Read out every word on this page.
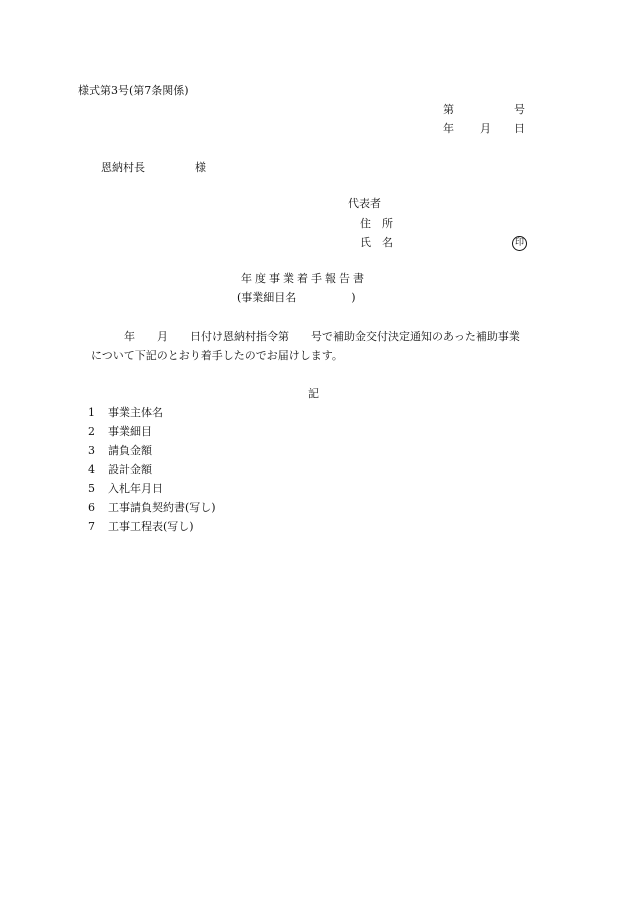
様式第3号(第7条関係)
第	号
年 月 日
恩納村長	様
代表者
住　所
氏　名	印
年度事業着手報告書
(事業細目名　　　　　)
年　　月　　日付け恩納村指令第　　号で補助金交付決定通知のあった補助事業
について下記のとおり着手したのでお届けします。
記
1 事業主体名
2 事業細目
3 請負金額
4 設計金額
5 入札年月日
6 工事請負契約書(写し)
7 工事工程表(写し)
